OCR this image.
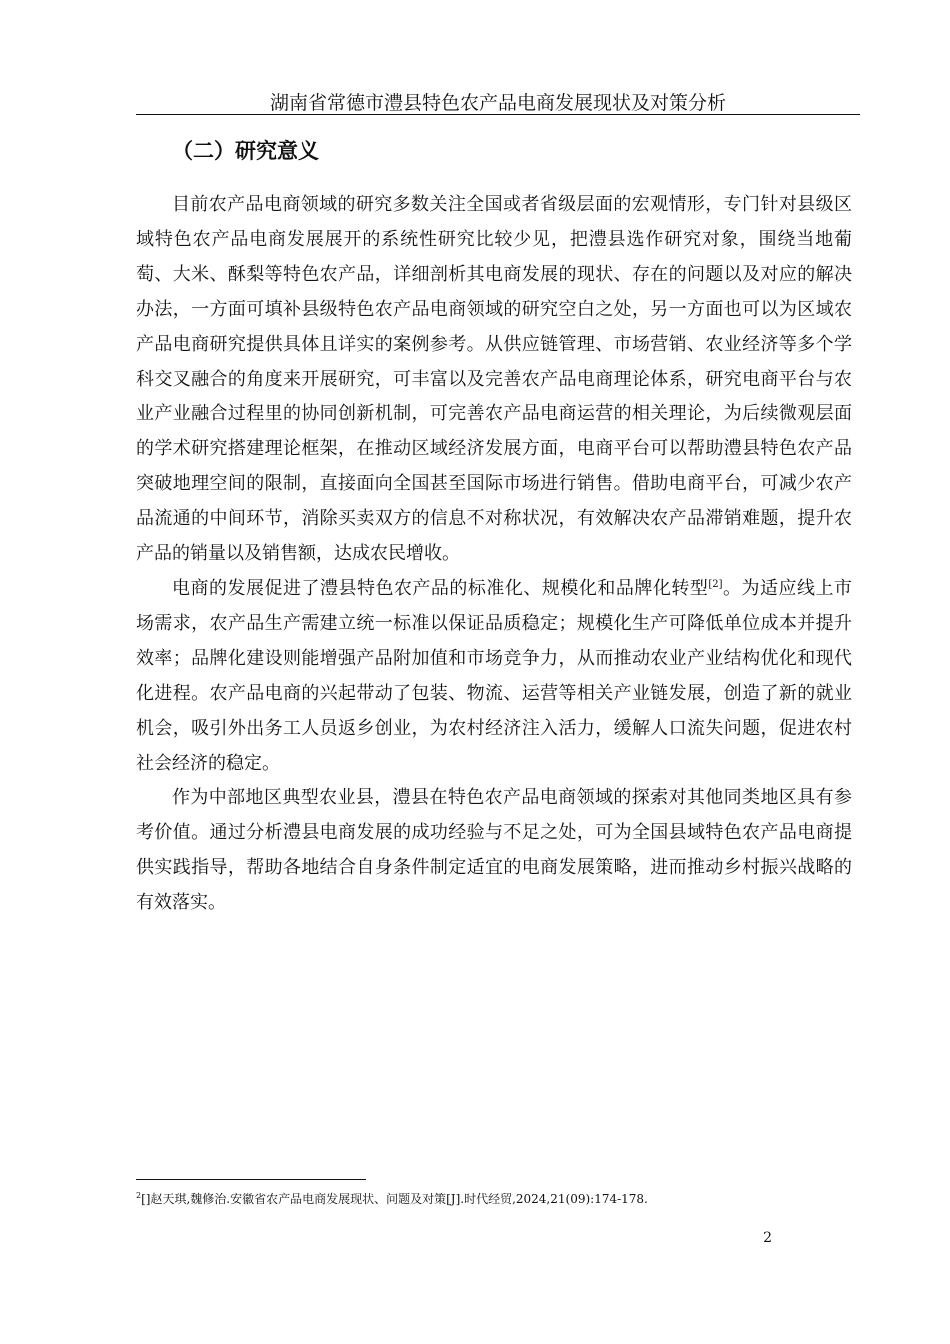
湖南省常德市澧县特色农产品电商发展现状及对策分析
（二）研究意义

目前农产品电商领域的研究多数关注全国或者省级层面的宏观情形，专门针对县级区域特色农产品电商发展展开的系统性研究比较少见，把澧县选作研究对象，围绕当地葡萄、大米、酥梨等特色农产品，详细剖析其电商发展的现状、存在的问题以及对应的解决办法，一方面可填补县级特色农产品电商领域的研究空白之处，另一方面也可以为区域农产品电商研究提供具体且详实的案例参考。从供应链管理、市场营销、农业经济等多个学科交叉融合的角度来开展研究，可丰富以及完善农产品电商理论体系，研究电商平台与农业产业融合过程里的协同创新机制，可完善农产品电商运营的相关理论，为后续微观层面的学术研究搭建理论框架，在推动区域经济发展方面，电商平台可以帮助澧县特色农产品突破地理空间的限制，直接面向全国甚至国际市场进行销售。借助电商平台，可减少农产品流通的中间环节，消除买卖双方的信息不对称状况，有效解决农产品滞销难题，提升农产品的销量以及销售额，达成农民增收。

电商的发展促进了澧县特色农产品的标准化、规模化和品牌化转型[2]。为适应线上市场需求，农产品生产需建立统一标准以保证品质稳定；规模化生产可降低单位成本并提升效率；品牌化建设则能增强产品附加值和市场竞争力，从而推动农业产业结构优化和现代化进程。农产品电商的兴起带动了包装、物流、运营等相关产业链发展，创造了新的就业机会，吸引外出务工人员返乡创业，为农村经济注入活力，缓解人口流失问题，促进农村社会经济的稳定。

作为中部地区典型农业县，澧县在特色农产品电商领域的探索对其他同类地区具有参考价值。通过分析澧县电商发展的成功经验与不足之处，可为全国县域特色农产品电商提供实践指导，帮助各地结合自身条件制定适宜的电商发展策略，进而推动乡村振兴战略的有效落实。

$^2$[]赵天琪,魏修治.安徽省农产品电商发展现状、问题及对策[J].时代经贸,2024,21(09):174-178.
2
